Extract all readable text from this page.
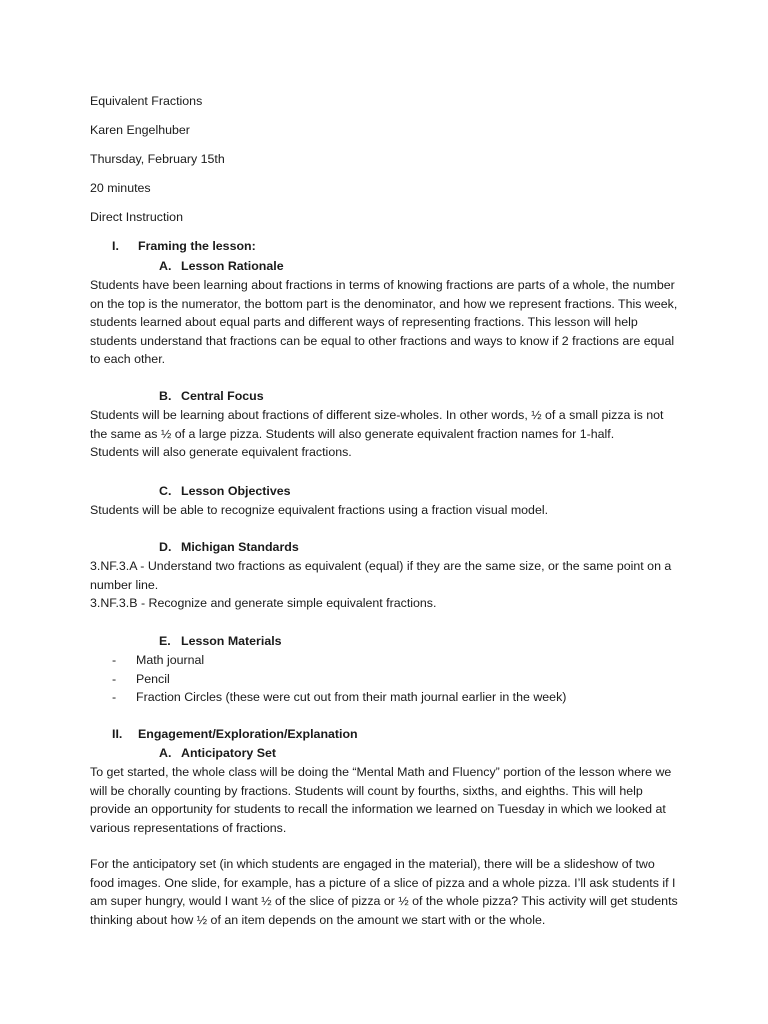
Equivalent Fractions

Karen Engelhuber

Thursday, February 15th

20 minutes

Direct Instruction

I. Framing the lesson:

A. Lesson Rationale

Students have been learning about fractions in terms of knowing fractions are parts of a whole, the number on the top is the numerator, the bottom part is the denominator, and how we represent fractions. This week, students learned about equal parts and different ways of representing fractions. This lesson will help students understand that fractions can be equal to other fractions and ways to know if 2 fractions are equal to each other.

B. Central Focus

Students will be learning about fractions of different size-wholes. In other words, ½ of a small pizza is not the same as ½ of a large pizza. Students will also generate equivalent fraction names for 1-half. Students will also generate equivalent fractions.

C. Lesson Objectives

Students will be able to recognize equivalent fractions using a fraction visual model.

D. Michigan Standards

3.NF.3.A - Understand two fractions as equivalent (equal) if they are the same size, or the same point on a number line.

3.NF.3.B - Recognize and generate simple equivalent fractions.

E. Lesson Materials

- Math journal
- Pencil
- Fraction Circles (these were cut out from their math journal earlier in the week)

II. Engagement/Exploration/Explanation

A. Anticipatory Set

To get started, the whole class will be doing the “Mental Math and Fluency” portion of the lesson where we will be chorally counting by fractions. Students will count by fourths, sixths, and eighths. This will help provide an opportunity for students to recall the information we learned on Tuesday in which we looked at various representations of fractions.

For the anticipatory set (in which students are engaged in the material), there will be a slideshow of two food images. One slide, for example, has a picture of a slice of pizza and a whole pizza. I’ll ask students if I am super hungry, would I want ½ of the slice of pizza or ½ of the whole pizza? This activity will get students thinking about how ½ of an item depends on the amount we start with or the whole.
